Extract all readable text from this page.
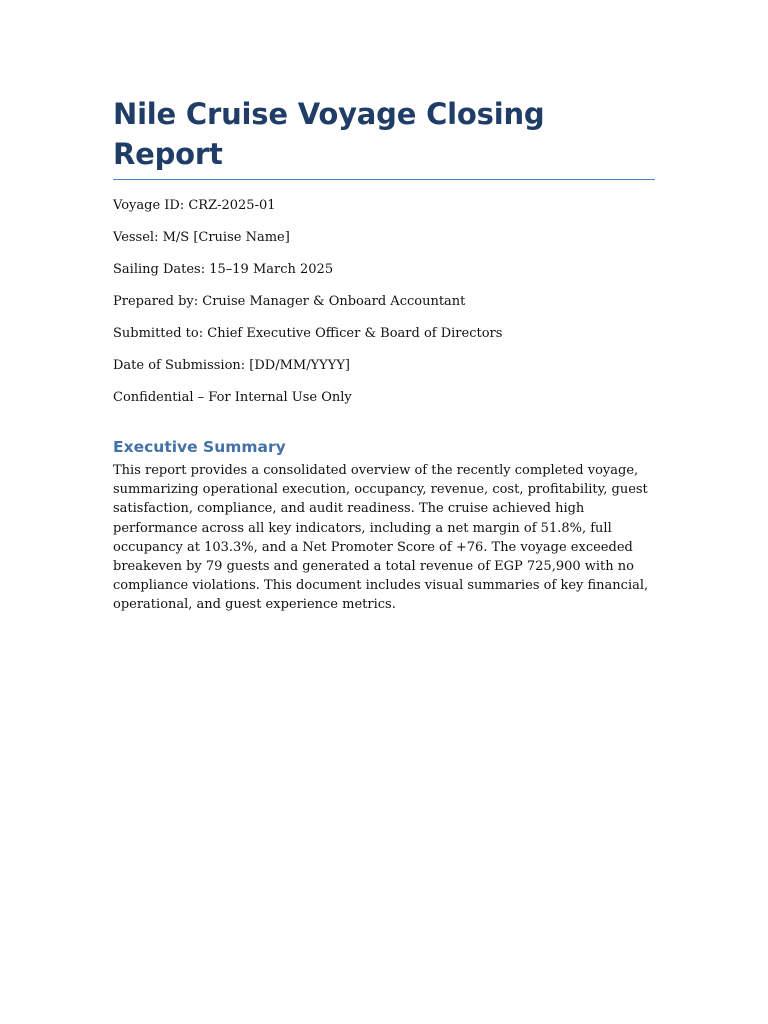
Nile Cruise Voyage Closing Report
Voyage ID: CRZ-2025-01
Vessel: M/S [Cruise Name]
Sailing Dates: 15–19 March 2025
Prepared by: Cruise Manager & Onboard Accountant
Submitted to: Chief Executive Officer & Board of Directors
Date of Submission: [DD/MM/YYYY]
Confidential – For Internal Use Only
Executive Summary

This report provides a consolidated overview of the recently completed voyage, summarizing operational execution, occupancy, revenue, cost, profitability, guest satisfaction, compliance, and audit readiness. The cruise achieved high performance across all key indicators, including a net margin of 51.8%, full occupancy at 103.3%, and a Net Promoter Score of +76. The voyage exceeded breakeven by 79 guests and generated a total revenue of EGP 725,900 with no compliance violations. This document includes visual summaries of key financial, operational, and guest experience metrics.
